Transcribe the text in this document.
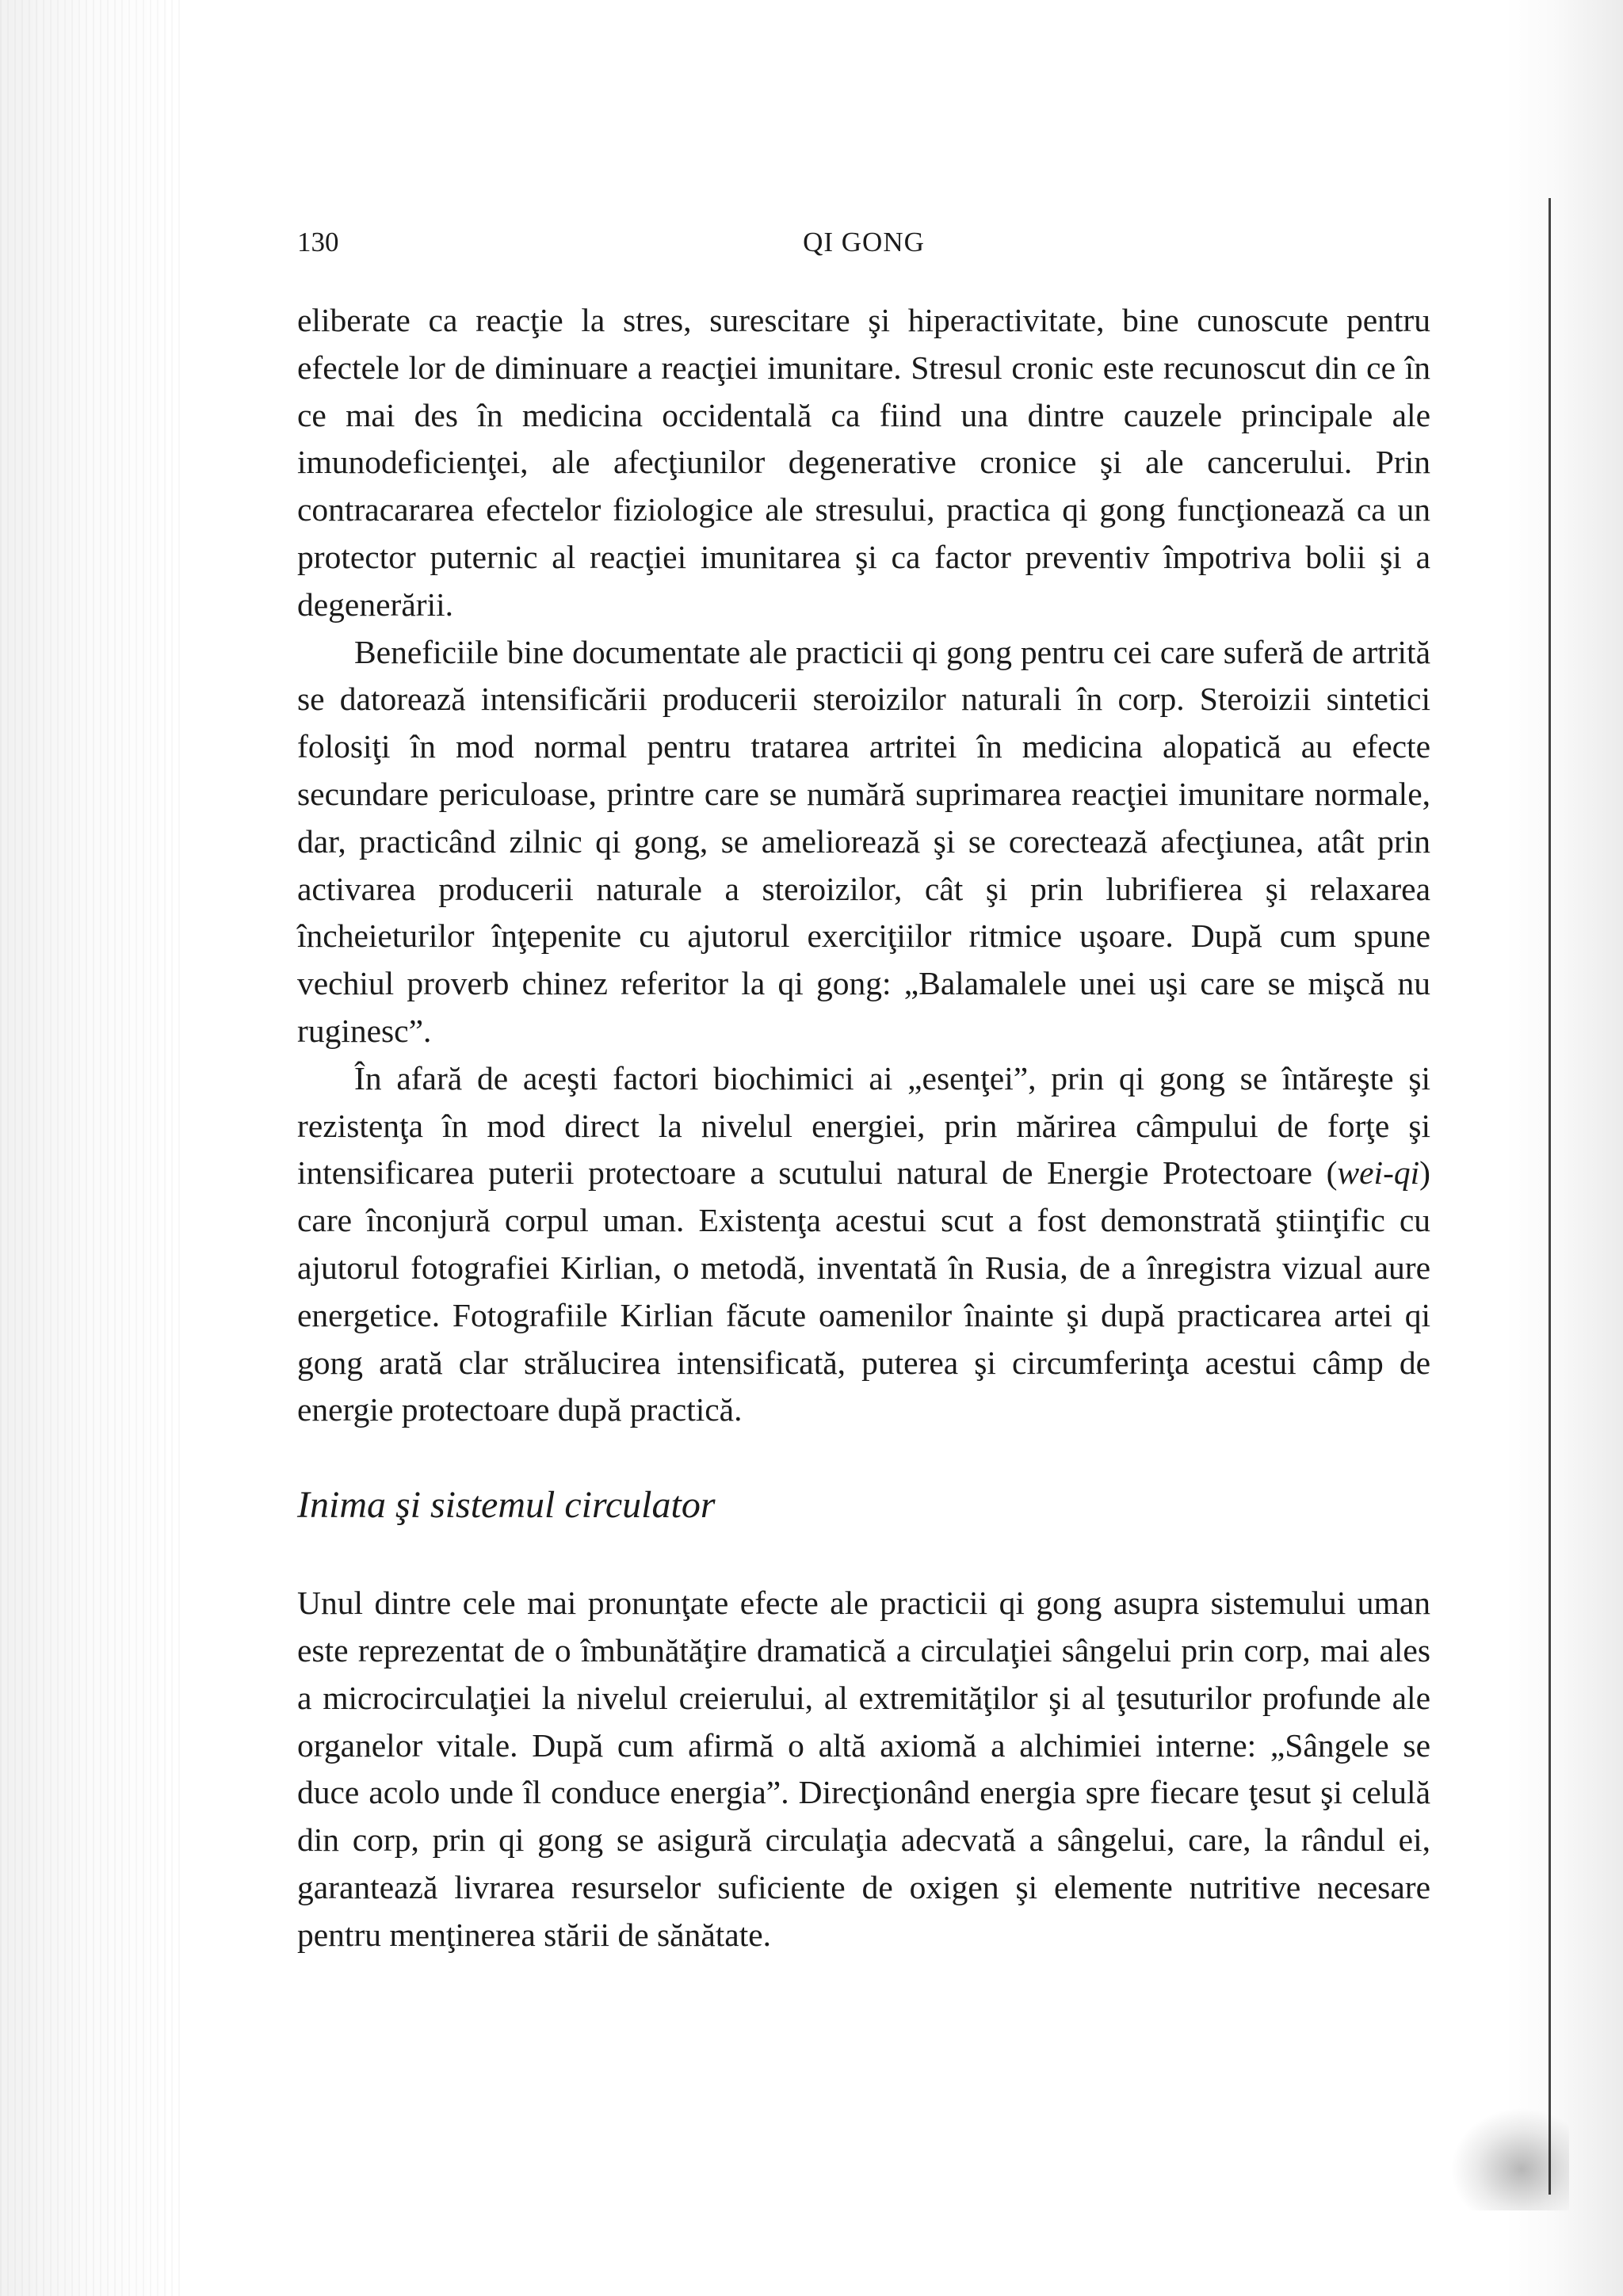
130	QI GONG

eliberate ca reacţie la stres, surescitare şi hiperactivitate, bine cunoscute pentru efectele lor de diminuare a reacţiei imunitare. Stresul cronic este recunoscut din ce în ce mai des în medicina occidentală ca fiind una dintre cauzele principale ale imunodeficienţei, ale afecţiunilor degenerative cronice şi ale cancerului. Prin contracararea efectelor fiziologice ale stresului, practica qi gong funcţionează ca un protector puternic al reacţiei imunitarea şi ca factor preventiv împotriva bolii şi a degenerării.

Beneficiile bine documentate ale practicii qi gong pentru cei care suferă de artrită se datorează intensificării producerii steroizilor naturali în corp. Steroizii sintetici folosiţi în mod normal pentru tratarea artritei în medicina alopatică au efecte secundare periculoase, printre care se numără suprimarea reacţiei imunitare normale, dar, practicând zilnic qi gong, se ameliorează şi se corectează afecţiunea, atât prin activarea producerii naturale a steroizilor, cât şi prin lubrifierea şi relaxarea încheieturilor înţepenite cu ajutorul exerciţiilor ritmice uşoare. După cum spune vechiul proverb chinez referitor la qi gong: „Balamalele unei uşi care se mişcă nu ruginesc”.

În afară de aceşti factori biochimici ai „esenţei”, prin qi gong se întăreşte şi rezistenţa în mod direct la nivelul energiei, prin mărirea câmpului de forţe şi intensificarea puterii protectoare a scutului natural de Energie Protectoare (wei-qi) care înconjură corpul uman. Existenţa acestui scut a fost demonstrată ştiinţific cu ajutorul fotografiei Kirlian, o metodă, inventată în Rusia, de a înregistra vizual aure energetice. Fotografiile Kirlian făcute oamenilor înainte şi după practicarea artei qi gong arată clar strălucirea intensificată, puterea şi circumferinţa acestui câmp de energie protectoare după practică.

Inima şi sistemul circulator

Unul dintre cele mai pronunţate efecte ale practicii qi gong asupra sistemului uman este reprezentat de o îmbunătăţire dramatică a circulaţiei sângelui prin corp, mai ales a microcirculaţiei la nivelul creierului, al extremităţilor şi al ţesuturilor profunde ale organelor vitale. După cum afirmă o altă axiomă a alchimiei interne: „Sângele se duce acolo unde îl conduce energia”. Direcţionând energia spre fiecare ţesut şi celulă din corp, prin qi gong se asigură circulaţia adecvată a sângelui, care, la rândul ei, garantează livrarea resurselor suficiente de oxigen şi elemente nutritive necesare pentru menţinerea stării de sănătate.
